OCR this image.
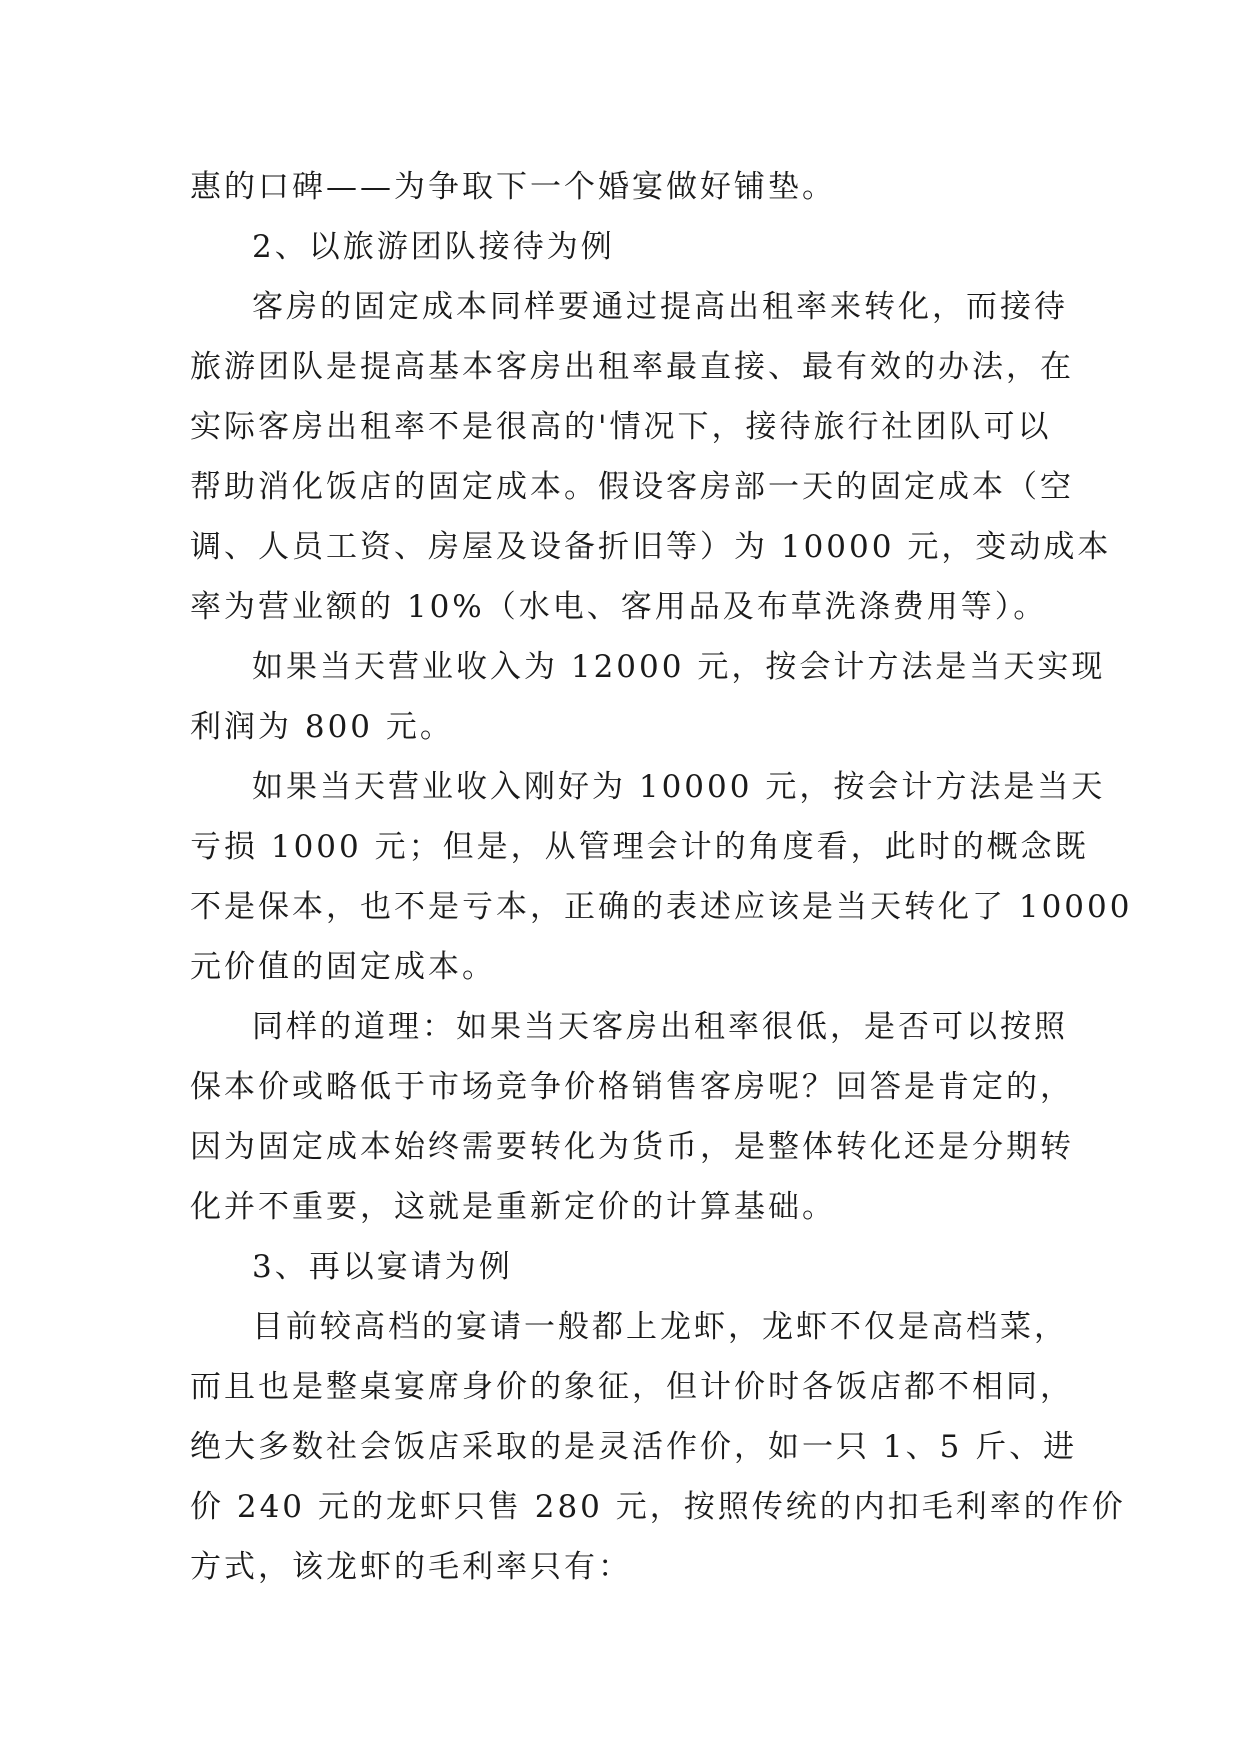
惠的口碑——为争取下一个婚宴做好铺垫。
2、以旅游团队接待为例
客房的固定成本同样要通过提高出租率来转化，而接待
旅游团队是提高基本客房出租率最直接、最有效的办法，在
实际客房出租率不是很高的'情况下，接待旅行社团队可以
帮助消化饭店的固定成本。假设客房部一天的固定成本（空
调、人员工资、房屋及设备折旧等）为 10000 元，变动成本
率为营业额的 10%（水电、客用品及布草洗涤费用等）。
如果当天营业收入为 12000 元，按会计方法是当天实现
利润为 800 元。
如果当天营业收入刚好为 10000 元，按会计方法是当天
亏损 1000 元；但是，从管理会计的角度看，此时的概念既
不是保本，也不是亏本，正确的表述应该是当天转化了 10000
元价值的固定成本。
同样的道理：如果当天客房出租率很低，是否可以按照
保本价或略低于市场竞争价格销售客房呢？回答是肯定的，
因为固定成本始终需要转化为货币，是整体转化还是分期转
化并不重要，这就是重新定价的计算基础。
3、再以宴请为例
目前较高档的宴请一般都上龙虾，龙虾不仅是高档菜，
而且也是整桌宴席身价的象征，但计价时各饭店都不相同，
绝大多数社会饭店采取的是灵活作价，如一只 1、5 斤、进
价 240 元的龙虾只售 280 元，按照传统的内扣毛利率的作价
方式，该龙虾的毛利率只有：
